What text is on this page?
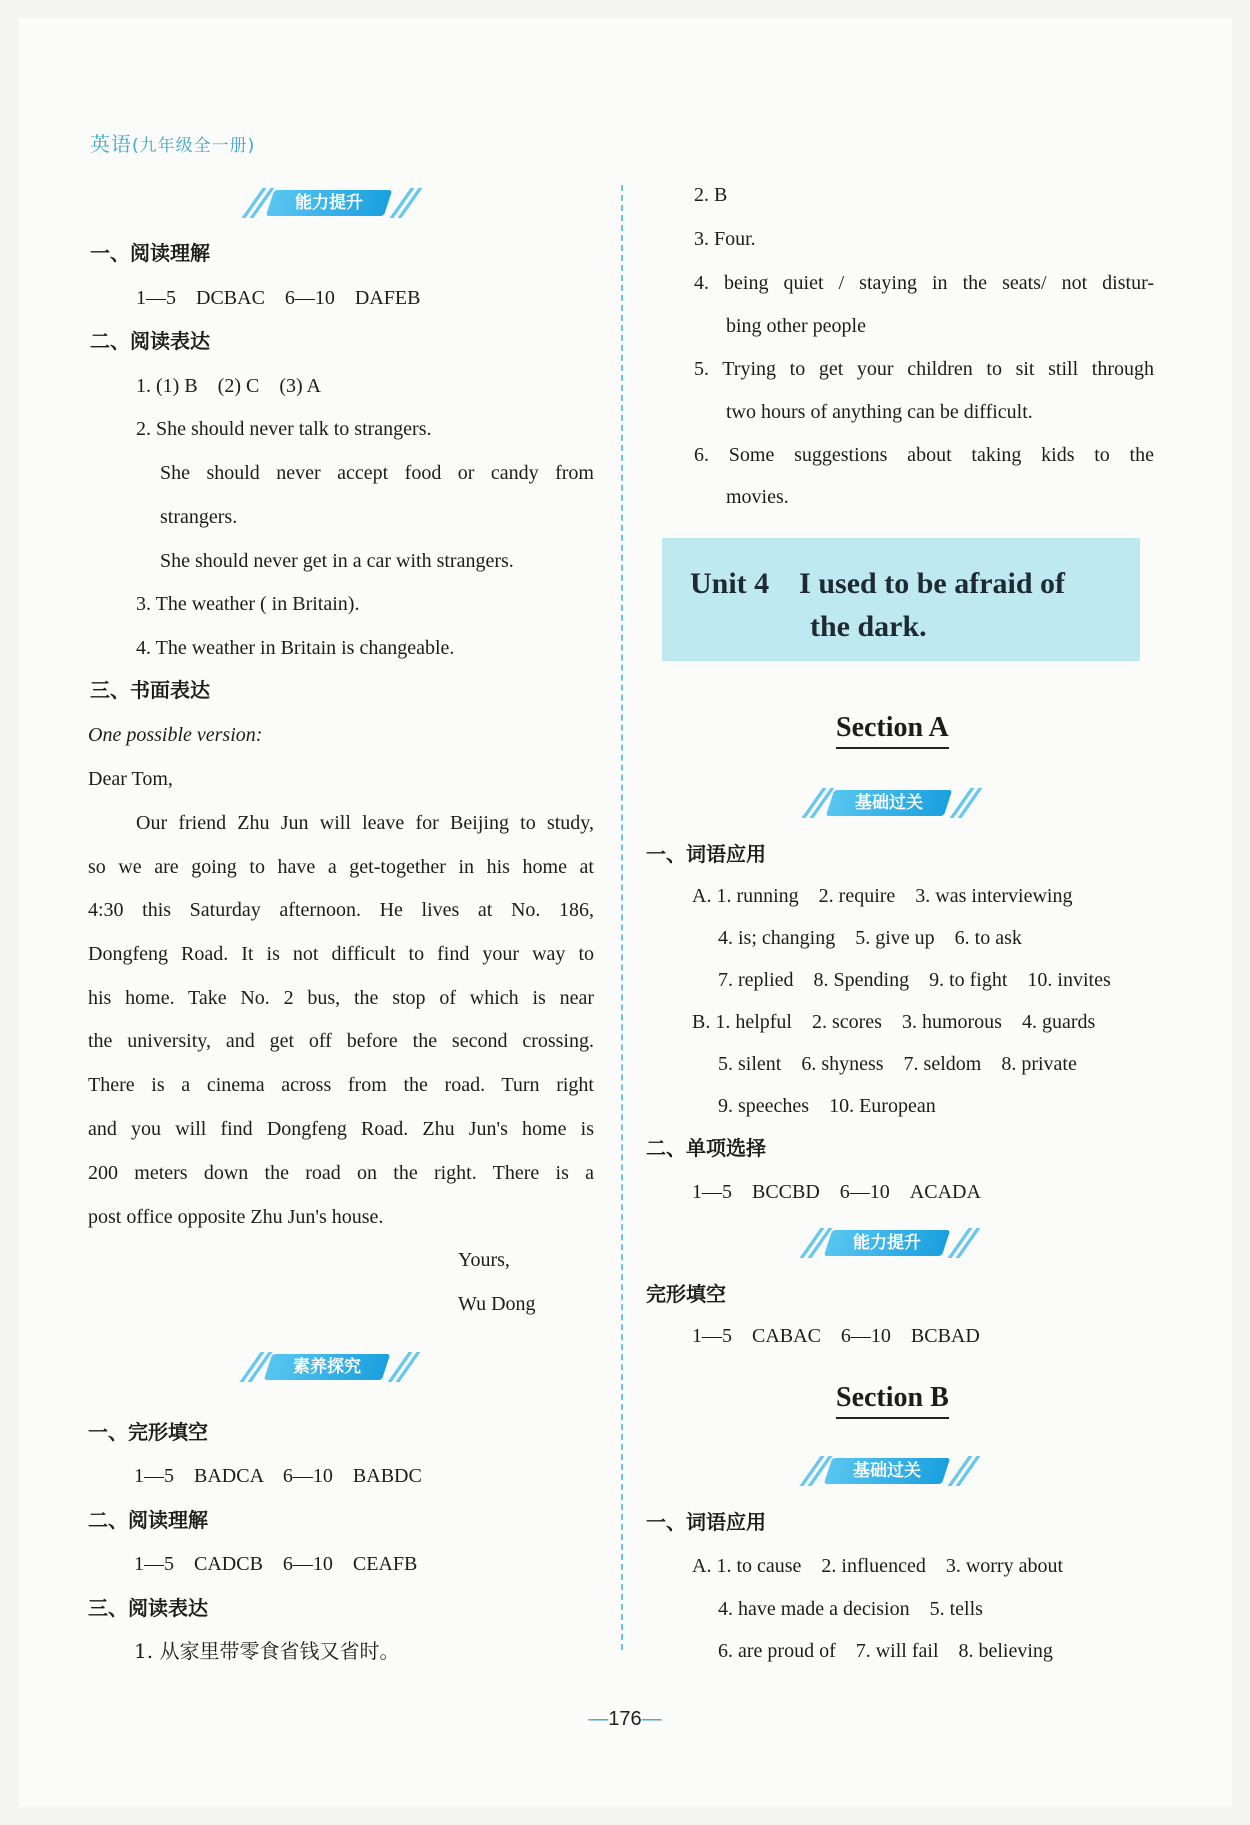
英语(九年级全一册)
能力提升
一、阅读理解
1—5　DCBAC　6—10　DAFEB
二、阅读表达
1. (1) B　(2) C　(3) A
2. She should never talk to strangers.
She should never accept food or candy from
strangers.
She should never get in a car with strangers.
3. The weather ( in Britain).
4. The weather in Britain is changeable.
三、书面表达
One possible version:
Dear Tom,
Our friend Zhu Jun will leave for Beijing to study,
so we are going to have a get-together in his home at
4:30 this Saturday afternoon. He lives at No. 186,
Dongfeng Road. It is not difficult to find your way to
his home. Take No. 2 bus, the stop of which is near
the university, and get off before the second crossing.
There is a cinema across from the road. Turn right
and you will find Dongfeng Road. Zhu Jun's home is
200 meters down the road on the right. There is a
post office opposite Zhu Jun's house.
Yours,
Wu Dong
素养探究
一、完形填空
1—5　BADCA　6—10　BABDC
二、阅读理解
1—5　CADCB　6—10　CEAFB
三、阅读表达
1. 从家里带零食省钱又省时。
2. B
3. Four.
4. being quiet / staying in the seats/ not distur-
bing other people
5. Trying to get your children to sit still through
two hours of anything can be difficult.
6. Some suggestions about taking kids to the
movies.
Unit 4　I used to be afraid of
the dark.
Section A
基础过关
一、词语应用
A. 1. running　2. require　3. was interviewing
4. is; changing　5. give up　6. to ask
7. replied　8. Spending　9. to fight　10. invites
B. 1. helpful　2. scores　3. humorous　4. guards
5. silent　6. shyness　7. seldom　8. private
9. speeches　10. European
二、单项选择
1—5　BCCBD　6—10　ACADA
能力提升
完形填空
1—5　CABAC　6—10　BCBAD
Section B
基础过关
一、词语应用
A. 1. to cause　2. influenced　3. worry about
4. have made a decision　5. tells
6. are proud of　7. will fail　8. believing
—176—
